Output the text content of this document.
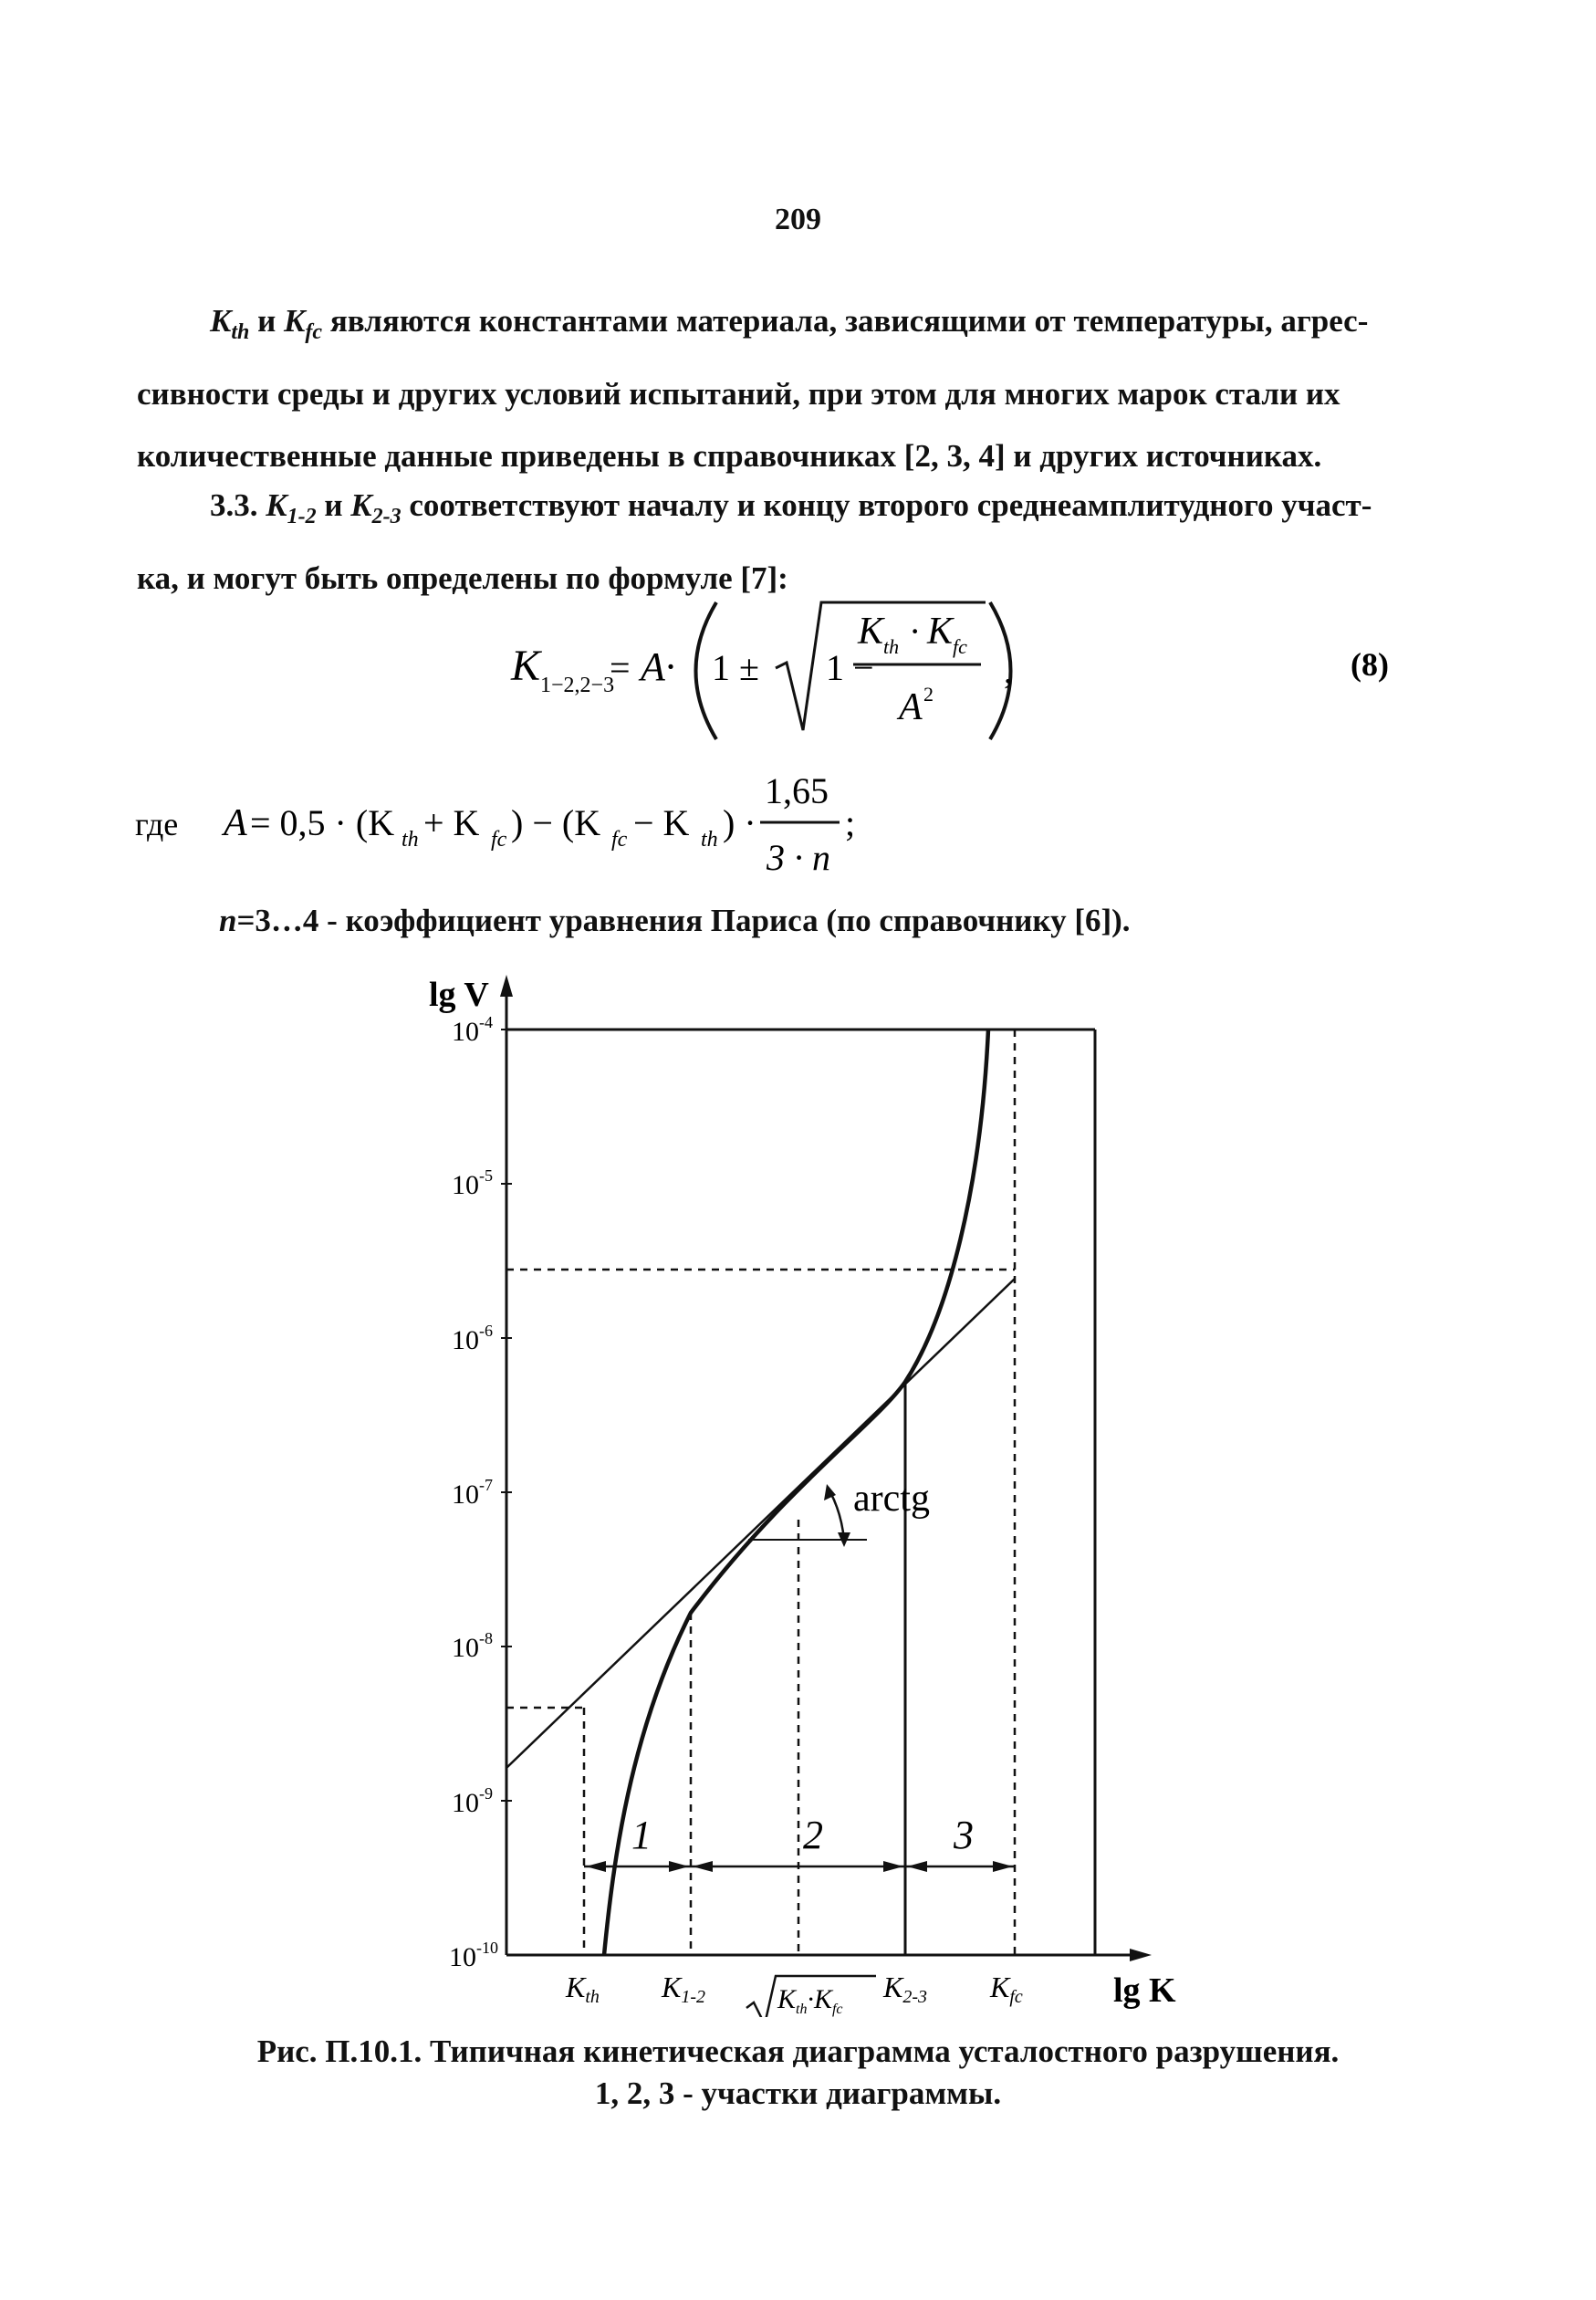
209
$K_{th}$ и $K_{fc}$ являются константами материала, зависящими от температуры, агрес-
сивности среды и других условий испытаний, при этом для многих марок стали их
количественные данные приведены в справочниках [2, 3, 4] и других источниках.
3.3. $K_{1-2}$ и $K_{2-3}$ соответствуют началу и концу второго среднеамплитудного участ-
ка, и могут быть определены по формуле [7]:
K 1−2,2−3
= A· 1 ± 1 −
K th · K fc
A 2
,	(8)
где A = 0,5 · (K th + K fc ) − (K fc − K th ) ·
1,65
3 · n
;
n=3…4 - коэффициент уравнения Париса (по справочнику [6]).
lg V
lg K
$10^{-4}$
$10^{-5}$
$10^{-6}$
$10^{-7}$
$10^{-8}$
$10^{-9}$
$10^{-10}$
arctg
1	2	3
Kth K1-2	$K_{th}\cdot K_{fc}$
K2-3 Kfc
Рис. П.10.1. Типичная кинетическая диаграмма усталостного разрушения.
1, 2, 3 - участки диаграммы.
